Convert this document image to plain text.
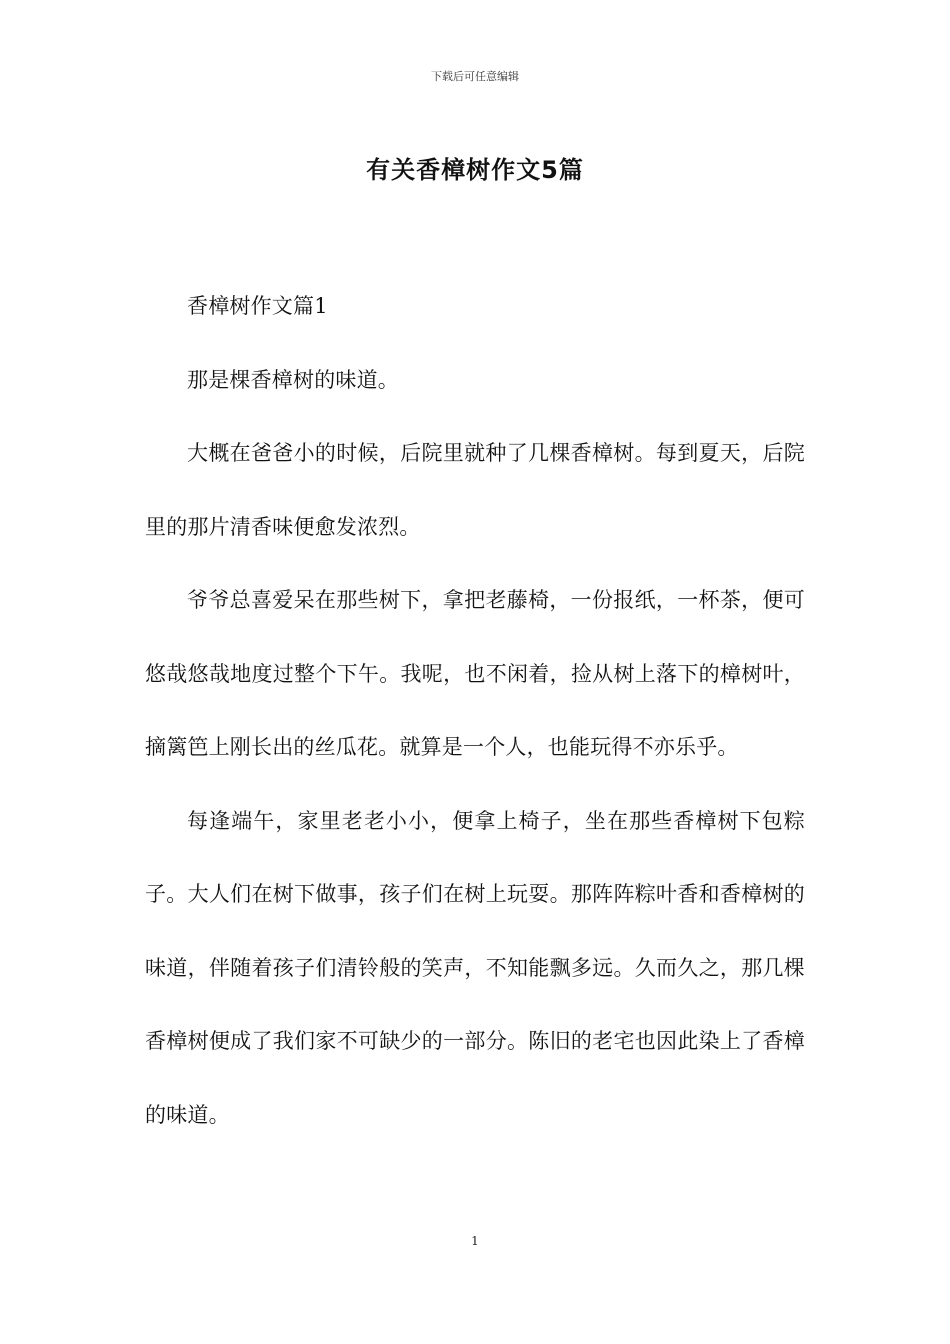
下载后可任意编辑
有关香樟树作文5篇

香樟树作文篇1

那是棵香樟树的味道。

大概在爸爸小的时候，后院里就种了几棵香樟树。每到夏天，后院里的那片清香味便愈发浓烈。

爷爷总喜爱呆在那些树下，拿把老藤椅，一份报纸，一杯茶，便可悠哉悠哉地度过整个下午。我呢，也不闲着，捡从树上落下的樟树叶，摘篱笆上刚长出的丝瓜花。就算是一个人，也能玩得不亦乐乎。

每逢端午，家里老老小小，便拿上椅子，坐在那些香樟树下包粽子。大人们在树下做事，孩子们在树上玩耍。那阵阵粽叶香和香樟树的味道，伴随着孩子们清铃般的笑声，不知能飘多远。久而久之，那几棵香樟树便成了我们家不可缺少的一部分。陈旧的老宅也因此染上了香樟的味道。

1
